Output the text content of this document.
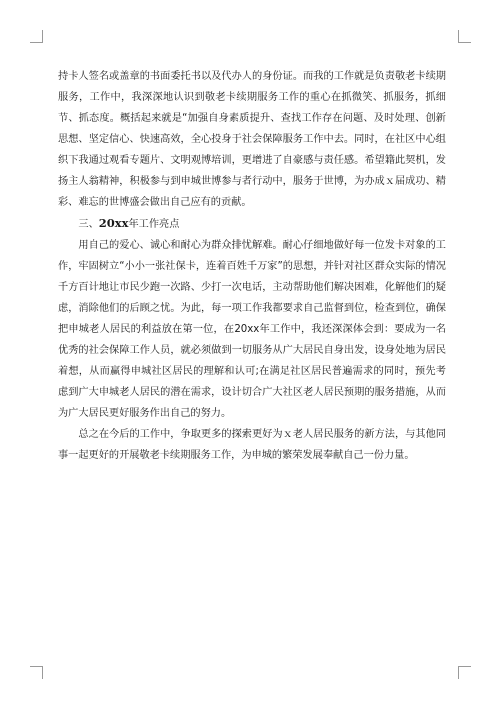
持卡人签名或盖章的书面委托书以及代办人的身份证。而我的工作就是负责敬老卡续期服务，工作中，我深深地认识到敬老卡续期服务工作的重心在抓微笑、抓服务，抓细节、抓态度。概括起来就是“加强自身素质提升、查找工作存在问题、及时处理、创新思想、坚定信心、快速高效，全心投身于社会保障服务工作中去。同时，在社区中心组织下我通过观看专题片、文明观博培训，更增进了自豪感与责任感。希望籍此契机，发扬主人翁精神，积极参与到申城世博参与者行动中，服务于世博，为办成ｘ届成功、精彩、难忘的世博盛会做出自己应有的贡献。

三、20xx年工作亮点

用自己的爱心、诚心和耐心为群众排忧解难。耐心仔细地做好每一位发卡对象的工作，牢固树立“小小一张社保卡，连着百姓千万家”的思想，并针对社区群众实际的情况千方百计地让市民少跑一次路、少打一次电话，主动帮助他们解决困难，化解他们的疑虑，消除他们的后顾之忧。为此，每一项工作我都要求自己监督到位，检查到位，确保把申城老人居民的利益放在第一位，在20xx年工作中，我还深深体会到：要成为一名优秀的社会保障工作人员，就必须做到一切服务从广大居民自身出发，设身处地为居民着想，从而赢得申城社区居民的理解和认可;在满足社区居民普遍需求的同时，预先考虑到广大申城老人居民的潜在需求，设计切合广大社区老人居民预期的服务措施，从而为广大居民更好服务作出自己的努力。

总之在今后的工作中，争取更多的探索更好为ｘ老人居民服务的新方法，与其他同事一起更好的开展敬老卡续期服务工作，为申城的繁荣发展奉献自己一份力量。
